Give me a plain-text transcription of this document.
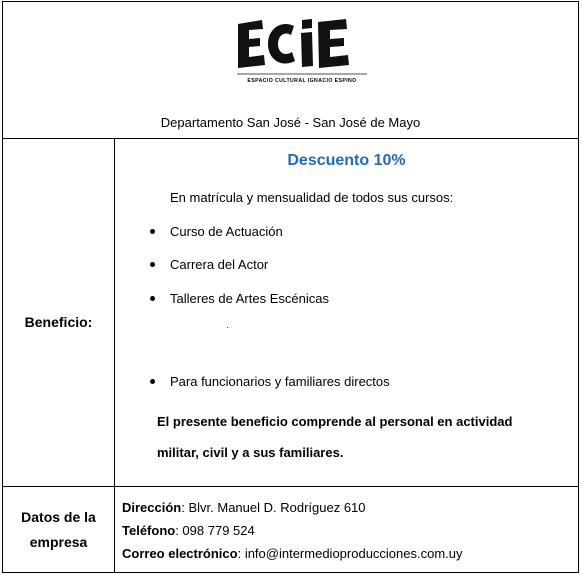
ESPACIO CULTURAL IGNACIO ESPINO
Departamento San José - San José de Mayo
Beneficio:
Descuento 10%
En matrícula y mensualidad de todos sus cursos:
Curso de Actuación
Carrera del Actor
Talleres de Artes Escénicas
Para funcionarios y familiares directos
El presente beneficio comprende al personal en actividad
militar, civil y a sus familiares.
Datos de la
empresa
Dirección: Blvr. Manuel D. Rodríguez 610
Teléfono: 098 779 524
Correo electrónico: info@intermedioproducciones.com.uy
